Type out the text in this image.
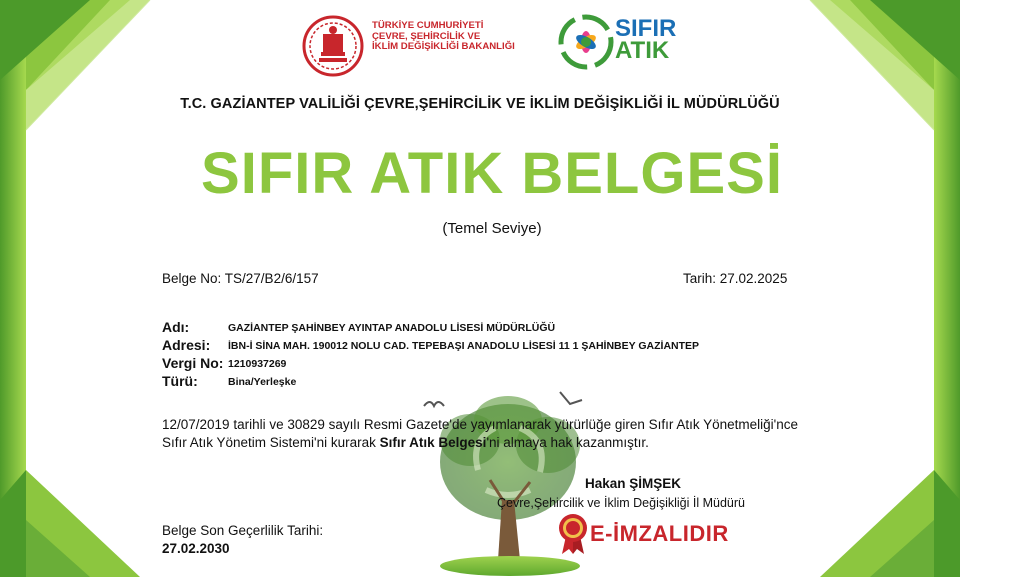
TÜRKİYE CUMHURİYETİ
ÇEVRE, ŞEHİRCİLİK VE
İKLİM DEĞİŞİKLİĞİ BAKANLIĞI
SIFIR
ATIK
T.C. GAZİANTEP VALİLİĞİ ÇEVRE,ŞEHİRCİLİK VE İKLİM DEĞİŞİKLİĞİ İL MÜDÜRLÜĞÜ
SIFIR ATIK BELGESİ
(Temel Seviye)
Belge No: TS/27/B2/6/157	Tarih: 27.02.2025
Adı:	GAZİANTEP ŞAHİNBEY AYINTAP ANADOLU LİSESİ MÜDÜRLÜĞÜ
Adresi: İBN-İ SİNA MAH. 190012 NOLU CAD. TEPEBAŞI ANADOLU LİSESİ 11 1 ŞAHİNBEY GAZİANTEP
Vergi No: 1210937269
Türü:	Bina/Yerleşke
12/07/2019 tarihli ve 30829 sayılı Resmi Gazete'de yayımlanarak yürürlüğe giren Sıfır Atık Yönetmeliği'nce Sıfır Atık Yönetim Sistemi'ni kurarak Sıfır Atık Belgesi'ni almaya hak kazanmıştır.
Hakan ŞİMŞEK
Çevre,Şehircilik ve İklim Değişikliği İl Müdürü
Belge Son Geçerlilik Tarihi:
27.02.2030
E-İMZALIDIR
